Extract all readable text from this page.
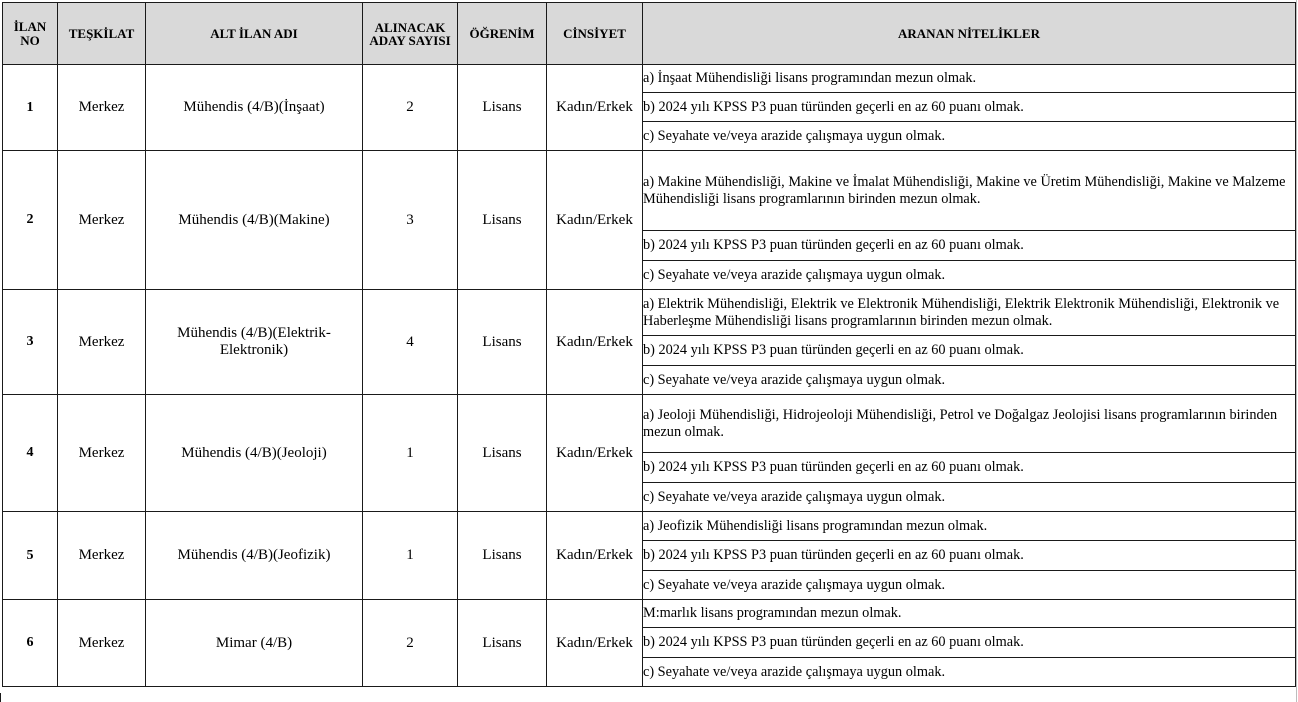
İLAN NO	TEŞKİLAT	ALT İLAN ADI	ALINACAK ADAY SAYISI	ÖĞRENİM	CİNSİYET	ARANAN NİTELİKLER
1	Merkez	Mühendis (4/B)(İnşaat)	2	Lisans	Kadın/Erkek	a) İnşaat Mühendisliği lisans programından mezun olmak.
						b) 2024 yılı KPSS P3 puan türünden geçerli en az 60 puanı olmak.
						c) Seyahate ve/veya arazide çalışmaya uygun olmak.
2	Merkez	Mühendis (4/B)(Makine)	3	Lisans	Kadın/Erkek	a) Makine Mühendisliği, Makine ve İmalat Mühendisliği, Makine ve Üretim Mühendisliği, Makine ve Malzeme Mühendisliği lisans programlarının birinden mezun olmak.
						b) 2024 yılı KPSS P3 puan türünden geçerli en az 60 puanı olmak.
						c) Seyahate ve/veya arazide çalışmaya uygun olmak.
3	Merkez	Mühendis (4/B)(Elektrik-Elektronik)	4	Lisans	Kadın/Erkek	a) Elektrik Mühendisliği, Elektrik ve Elektronik Mühendisliği, Elektrik Elektronik Mühendisliği, Elektronik ve Haberleşme Mühendisliği lisans programlarının birinden mezun olmak.
						b) 2024 yılı KPSS P3 puan türünden geçerli en az 60 puanı olmak.
						c) Seyahate ve/veya arazide çalışmaya uygun olmak.
4	Merkez	Mühendis (4/B)(Jeoloji)	1	Lisans	Kadın/Erkek	a) Jeoloji Mühendisliği, Hidrojeoloji Mühendisliği, Petrol ve Doğalgaz Jeolojisi lisans programlarının birinden mezun olmak.
						b) 2024 yılı KPSS P3 puan türünden geçerli en az 60 puanı olmak.
						c) Seyahate ve/veya arazide çalışmaya uygun olmak.
5	Merkez	Mühendis (4/B)(Jeofizik)	1	Lisans	Kadın/Erkek	a) Jeofizik Mühendisliği lisans programından mezun olmak.
						b) 2024 yılı KPSS P3 puan türünden geçerli en az 60 puanı olmak.
						c) Seyahate ve/veya arazide çalışmaya uygun olmak.
6	Merkez	Mimar (4/B)	2	Lisans	Kadın/Erkek	M:marlık lisans programından mezun olmak.
						b) 2024 yılı KPSS P3 puan türünden geçerli en az 60 puanı olmak.
						c) Seyahate ve/veya arazide çalışmaya uygun olmak.
